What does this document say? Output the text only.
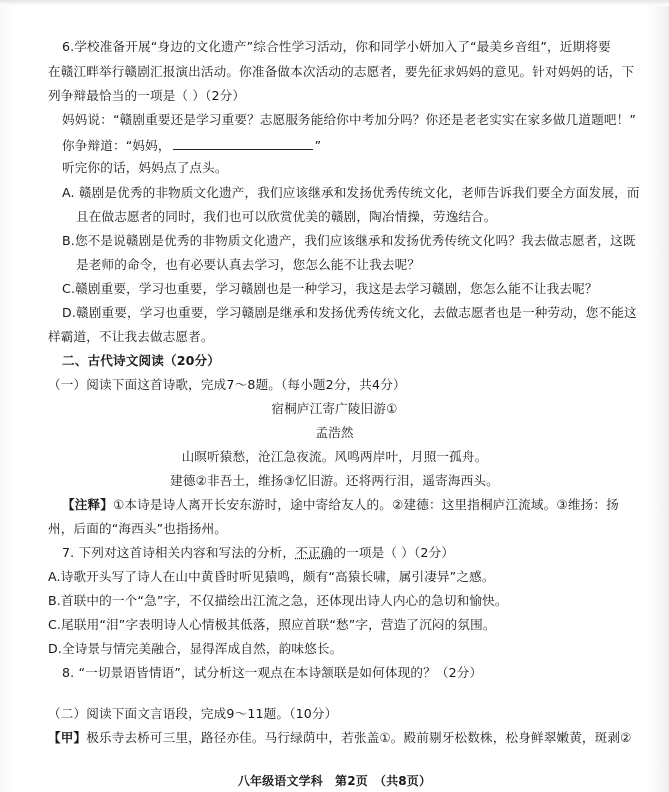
6.学校准备开展“身边的文化遗产”综合性学习活动，你和同学小妍加入了“最美乡音组”，近期将要
在赣江畔举行赣剧汇报演出活动。你准备做本次活动的志愿者，要先征求妈妈的意见。针对妈妈的话，下
列争辩最恰当的一项是（ ）（2分）
妈妈说：“赣剧重要还是学习重要？志愿服务能给你中考加分吗？你还是老老实实在家多做几道题吧！”
你争辩道：“妈妈，	”
听完你的话，妈妈点了点头。
A. 赣剧是优秀的非物质文化遗产，我们应该继承和发扬优秀传统文化，老师告诉我们要全方面发展，而
且在做志愿者的同时，我们也可以欣赏优美的赣剧，陶冶情操，劳逸结合。
B.您不是说赣剧是优秀的非物质文化遗产，我们应该继承和发扬优秀传统文化吗？我去做志愿者，这既
是老师的命令，也有必要认真去学习，您怎么能不让我去呢？
C.赣剧重要，学习也重要，学习赣剧也是一种学习，我这是去学习赣剧，您怎么能不让我去呢？
D.赣剧重要，学习也重要，学习赣剧是继承和发扬优秀传统文化，去做志愿者也是一种劳动，您不能这
样霸道，不让我去做志愿者。
二、古代诗文阅读（20分）
（一）阅读下面这首诗歌，完成7～8题。（每小题2分，共4分）
宿桐庐江寄广陵旧游①
孟浩然
山暝听猿愁，沧江急夜流。风鸣两岸叶，月照一孤舟。
建德②非吾土，维扬③忆旧游。还将两行泪，遥寄海西头。
【注释】①本诗是诗人离开长安东游时，途中寄给友人的。②建德：这里指桐庐江流域。③维扬：扬
州，后面的“海西头”也指扬州。
7. 下列对这首诗相关内容和写法的分析，不正确的一项是（ ）（2分）
A.诗歌开头写了诗人在山中黄昏时听见猿鸣，颇有“高猿长啸，属引凄异”之感。
B.首联中的一个“急”字，不仅描绘出江流之急，还体现出诗人内心的急切和愉快。
C.尾联用“泪”字表明诗人心情极其低落，照应首联“愁”字，营造了沉闷的氛围。
D.全诗景与情完美融合，显得浑成自然，韵味悠长。
8. “一切景语皆情语”，试分析这一观点在本诗颔联是如何体现的？（2分）
（二）阅读下面文言语段，完成9～11题。（10分）
【甲】极乐寺去桥可三里，路径亦佳。马行绿荫中，若张盖①。殿前剔牙松数株，松身鲜翠嫩黄，斑剥②
八年级语文学科　第2页　（共8页）
